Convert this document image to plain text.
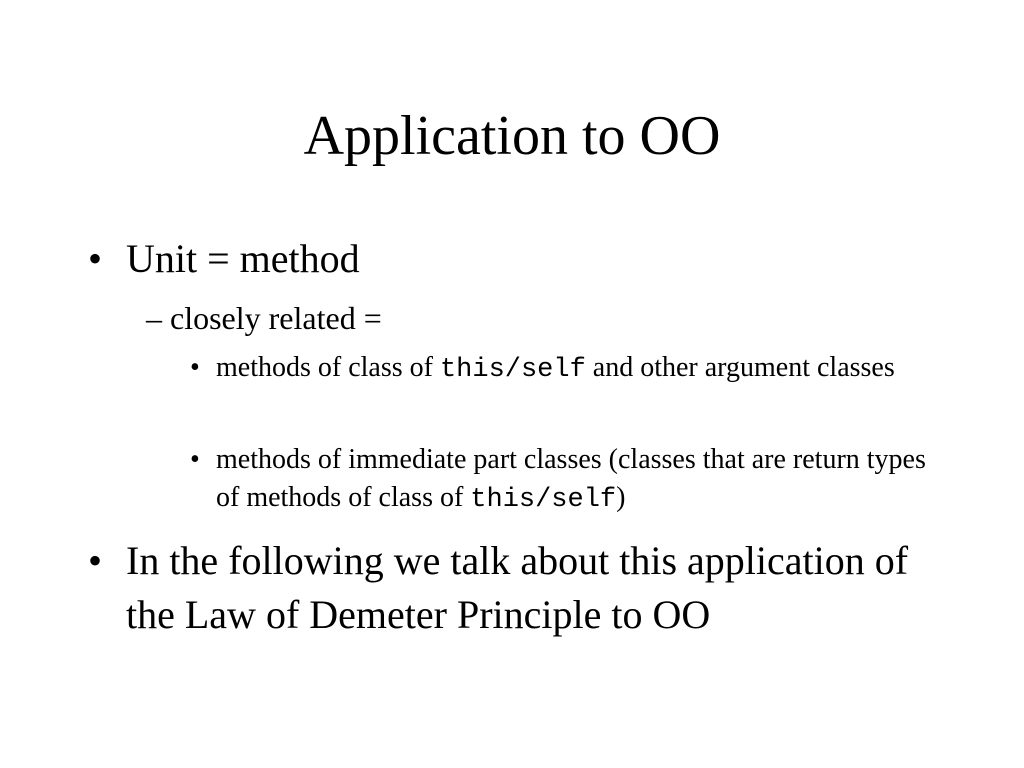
Application to OO
• Unit = method
– closely related =
• methods of class of this/self and other argument classes
• methods of immediate part classes (classes that are return types of methods of class of this/self)
• In the following we talk about this application of the Law of Demeter Principle to OO
